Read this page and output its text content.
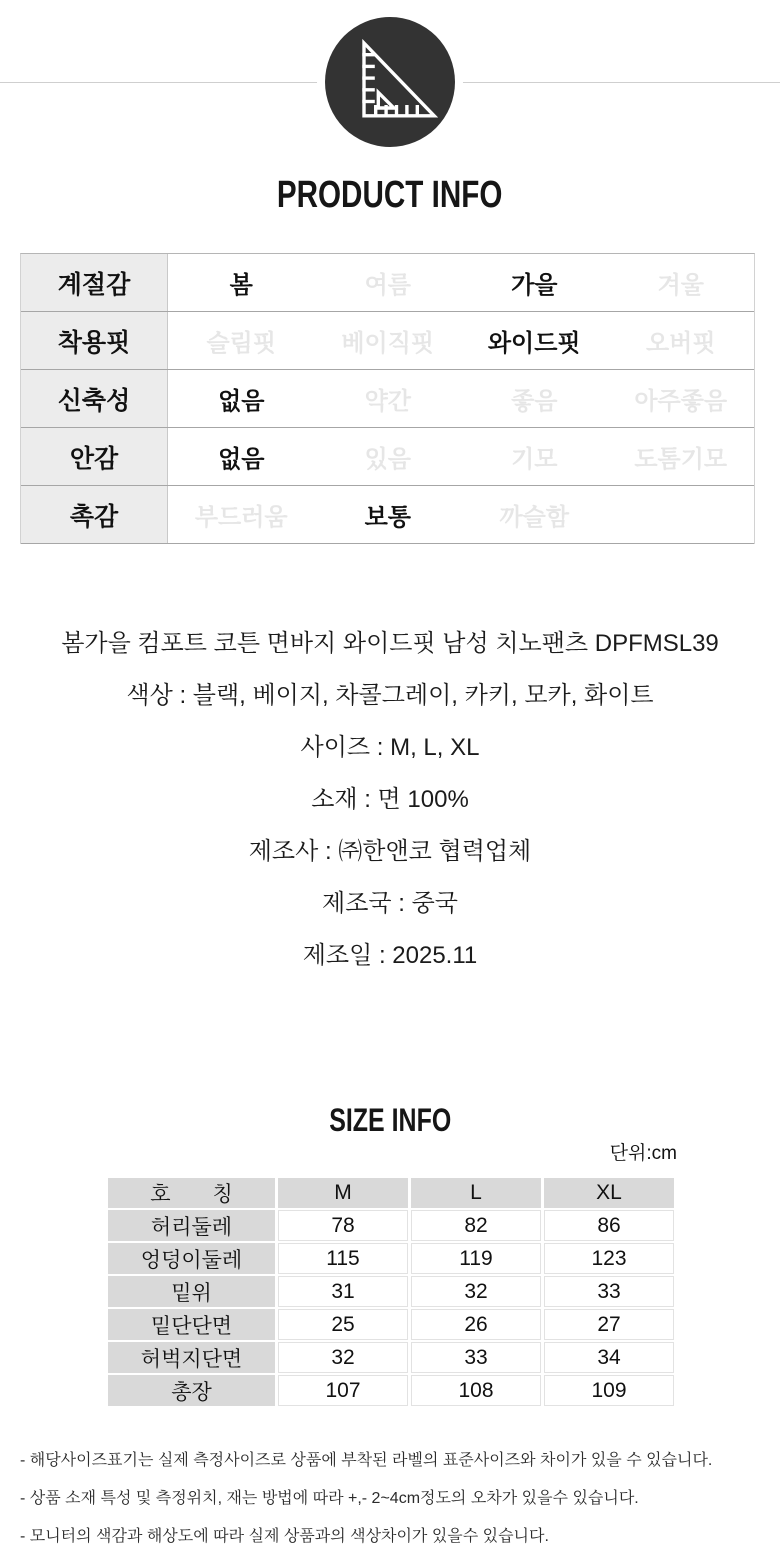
PRODUCT INFO
계절감	봄	여름	가을	겨울
착용핏	슬림핏	베이직핏	와이드핏	오버핏
신축성	없음	약간	좋음	아주좋음
안감	없음	있음	기모	도톰기모
촉감	부드러움	보통	까슬함
봄가을 컴포트 코튼 면바지 와이드핏 남성 치노팬츠 DPFMSL39
색상 : 블랙, 베이지, 차콜그레이, 카키, 모카, 화이트
사이즈 : M, L, XL
소재 : 면 100%
제조사 : ㈜한앤코 협력업체
제조국 : 중국
제조일 : 2025.11
SIZE INFO
단위:cm
호　　칭	M	L	XL
허리둘레	78	82	86
엉덩이둘레	115	119	123
밑위	31	32	33
밑단단면	25	26	27
허벅지단면	32	33	34
총장	107	108	109
- 해당사이즈표기는 실제 측정사이즈로 상품에 부착된 라벨의 표준사이즈와 차이가 있을 수 있습니다.
- 상품 소재 특성 및 측정위치, 재는 방법에 따라 +,- 2~4cm정도의 오차가 있을수 있습니다.
- 모니터의 색감과 해상도에 따라 실제 상품과의 색상차이가 있을수 있습니다.
